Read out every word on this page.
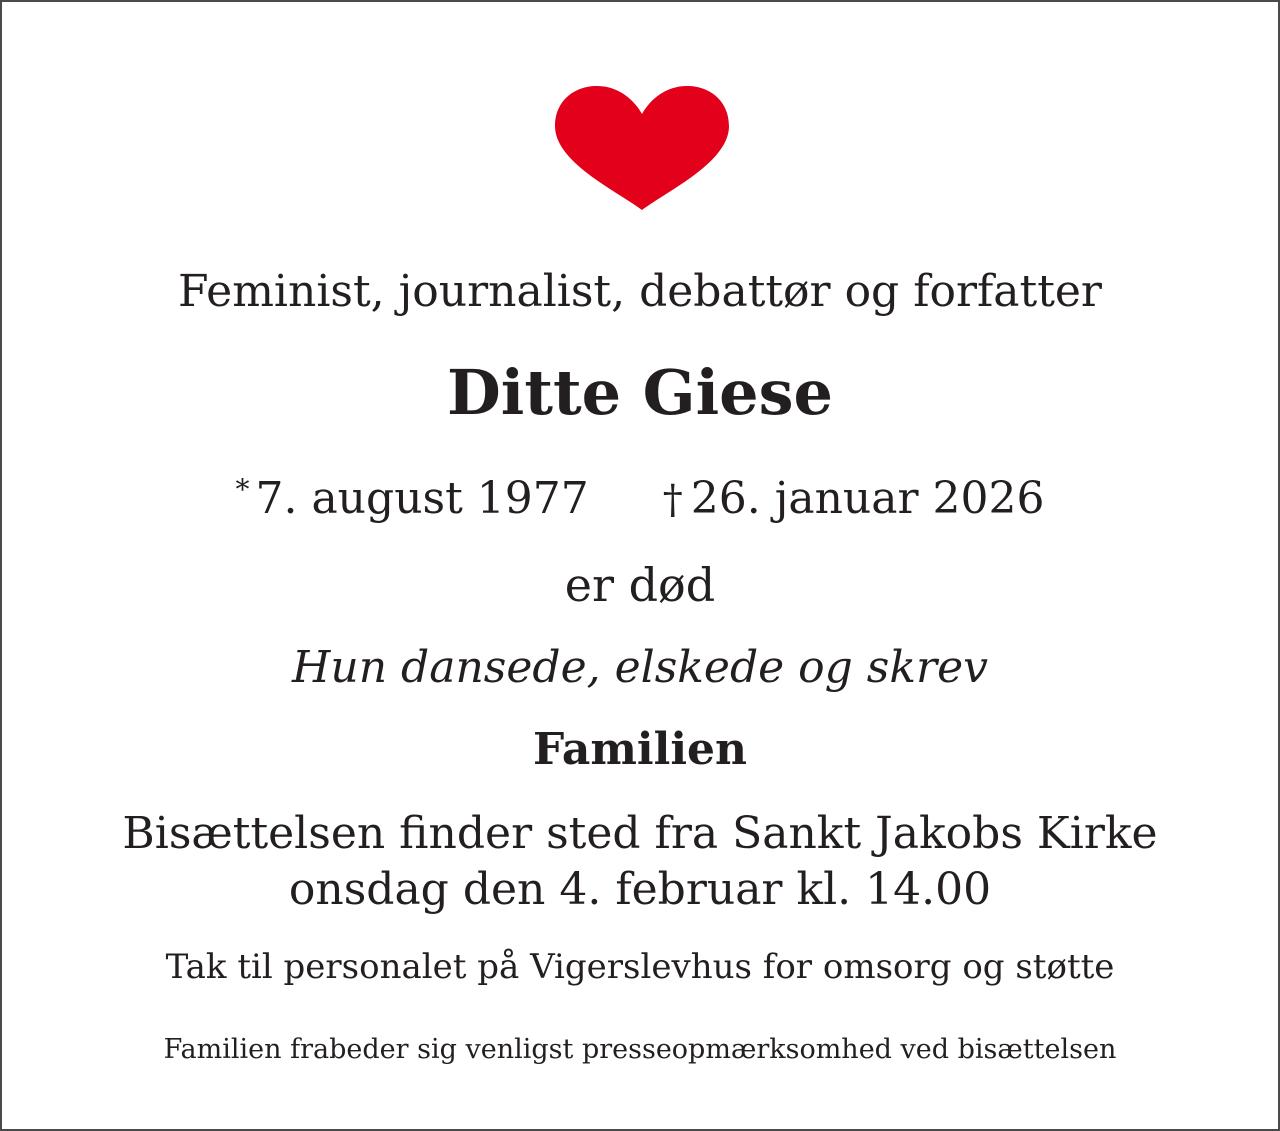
Feminist, journalist, debattør og forfatter
Ditte Giese
* 7. august 1977 † 26. januar 2026
er død
Hun dansede, elskede og skrev
Familien
Bisættelsen finder sted fra Sankt Jakobs Kirke
onsdag den 4. februar kl. 14.00
Tak til personalet på Vigerslevhus for omsorg og støtte
Familien frabeder sig venligst presseopmærksomhed ved bisættelsen
